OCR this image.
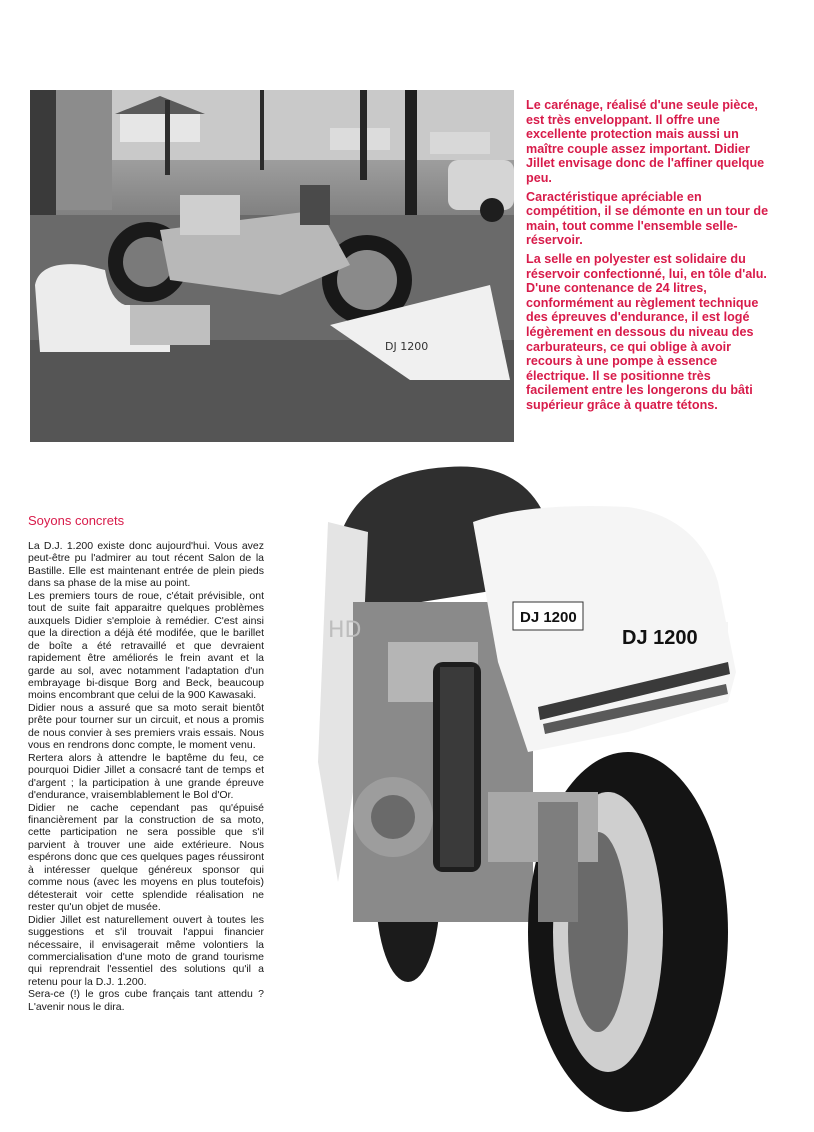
DJ 1200

Le carénage, réalisé d'une seule pièce, est très enveloppant. Il offre une excellente protection mais aussi un maître couple assez important. Didier Jillet envisage donc de l'affiner quelque peu.

Caractéristique apréciable en compétition, il se démonte en un tour de main, tout comme l'ensemble selle-réservoir.

La selle en polyester est solidaire du réservoir confectionné, lui, en tôle d'alu. D'une contenance de 24 litres, conformément au règlement technique des épreuves d'endurance, il est logé légèrement en dessous du niveau des carburateurs, ce qui oblige à avoir recours à une pompe à essence électrique. Il se positionne très facilement entre les longerons du bâti supérieur grâce à quatre tétons.

Soyons concrets

La D.J. 1.200 existe donc aujourd'hui. Vous avez peut-être pu l'admirer au tout récent Salon de la Bastille. Elle est maintenant entrée de plein pieds dans sa phase de la mise au point.

Les premiers tours de roue, c'était prévisible, ont tout de suite fait apparaitre quelques problèmes auxquels Didier s'emploie à remédier. C'est ainsi que la direction a déjà été modifée, que le barillet de boîte a été retravaillé et que devraient rapidement être améliorés le frein avant et la garde au sol, avec notamment l'adaptation d'un embrayage bi-disque Borg and Beck, beaucoup moins encombrant que celui de la 900 Kawasaki.

Didier nous a assuré que sa moto serait bientôt prête pour tourner sur un circuit, et nous a promis de nous convier à ses premiers vrais essais. Nous vous en rendrons donc compte, le moment venu.

Rertera alors à attendre le baptême du feu, ce pourquoi Didier Jillet a consacré tant de temps et d'argent ; la participation à une grande épreuve d'endurance, vraisemblablement le Bol d'Or.

Didier ne cache cependant pas qu'épuisé financièrement par la construction de sa moto, cette participation ne sera possible que s'il parvient à trouver une aide extérieure. Nous espérons donc que ces quelques pages réussiront à intéresser quelque généreux sponsor qui comme nous (avec les moyens en plus toutefois) détesterait voir cette splendide réalisation ne rester qu'un objet de musée.

Didier Jillet est naturellement ouvert à toutes les suggestions et s'il trouvait l'appui financier nécessaire, il envisagerait même volontiers la commercialisation d'une moto de grand tourisme qui reprendrait l'essentiel des solutions qu'il a retenu pour la D.J. 1.200.

Sera-ce (!) le gros cube français tant attendu ? L'avenir nous le dira.

DJ 1200
DJ 1200
HD
